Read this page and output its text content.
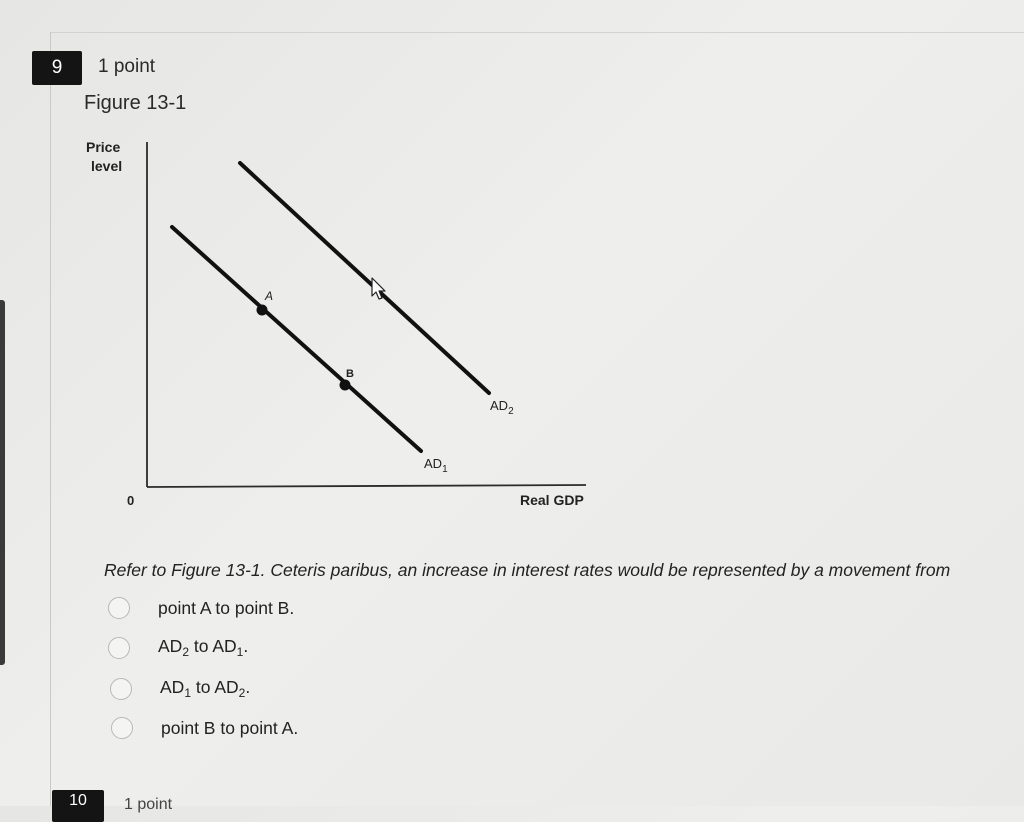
9	1 point
Figure 13-1
Price
level
0	Real GDP
$AD_2$
$AD_1$
A
B
Refer to Figure 13-1. Ceteris paribus, an increase in interest rates would be represented by a movement from
point A to point B.
$AD_2$ to $AD_1$.
$AD_1$ to $AD_2$.
point B to point A.
10	1 point
